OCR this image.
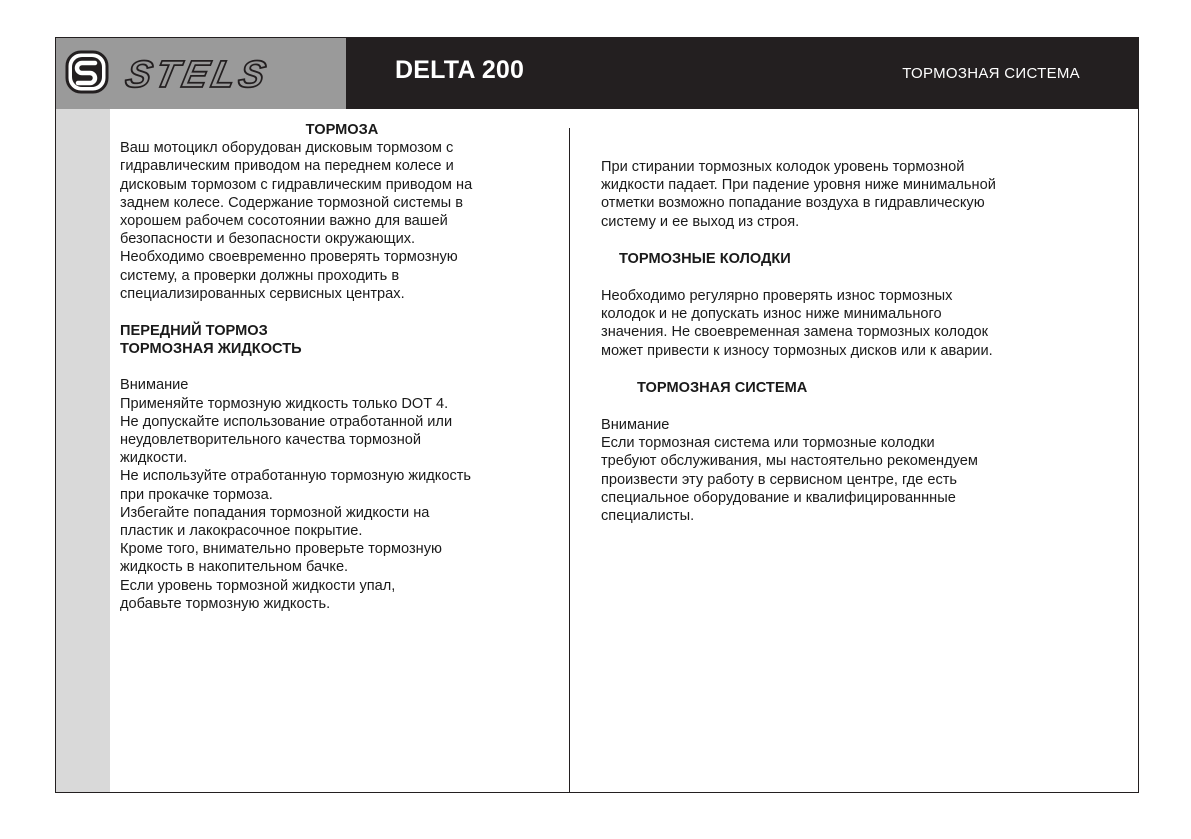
STELS	DELTA 200	ТОРМОЗНАЯ СИСТЕМА
ТОРМОЗА
Ваш мотоцикл оборудован дисковым тормозом с
гидравлическим приводом на переднем колесе и
дисковым тормозом с гидравлическим приводом на
заднем колесе. Содержание тормозной системы в
хорошем рабочем сосотоянии важно для вашей
безопасности и безопасности окружающих.
Необходимо своевременно проверять тормозную
систему, а проверки должны проходить в
специализированных сервисных центрах.
ПЕРЕДНИЙ ТОРМОЗ
ТОРМОЗНАЯ ЖИДКОСТЬ
Внимание
Применяйте тормозную жидкость только DOT 4.
Не допускайте использование отработанной или
неудовлетворительного качества тормозной
жидкости.
Не используйте отработанную тормозную жидкость
при прокачке тормоза.
Избегайте попадания тормозной жидкости на
пластик и лакокрасочное покрытие.
Кроме того, внимательно проверьте тормозную
жидкость в накопительном бачке.
Если уровень тормозной жидкости упал,
добавьте тормозную жидкость.
При стирании тормозных колодок уровень тормозной
жидкости падает. При падение уровня ниже минимальной
отметки возможно попадание воздуха в гидравлическую
систему и ее выход из строя.
ТОРМОЗНЫЕ КОЛОДКИ
Необходимо регулярно проверять износ тормозных
колодок и не допускать износ ниже минимального
значения. Не своевременная замена тормозных колодок
может привести к износу тормозных дисков или к аварии.
ТОРМОЗНАЯ СИСТЕМА
Внимание
Если тормозная система или тормозные колодки
требуют обслуживания, мы настоятельно рекомендуем
произвести эту работу в сервисном центре, где есть
специальное оборудование и квалифицированнные
специалисты.
